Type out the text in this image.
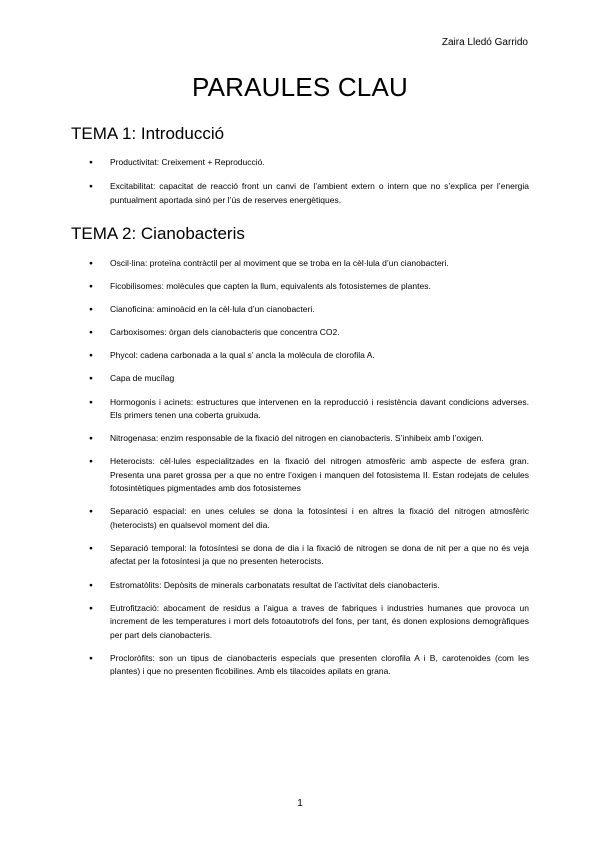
Zaira Lledó Garrido
PARAULES CLAU
TEMA 1: Introducció
● Productivitat: Creixement + Reproducció.
● Excitabilitat: capacitat de reacció front un canvi de l’ambient extern o intern que no s’explica per l’energia puntualment aportada sinó per l’ús de reserves energètiques.
TEMA 2: Cianobacteris
● Oscil·lina: proteïna contràctil per al moviment que se troba en la cèl·lula d’un cianobacteri.
● Ficobilisomes: molècules que capten la llum, equivalents als fotosistemes de plantes.
● Cianoficina: aminoàcid en la cèl·lula d’un cianobacteri.
● Carboxisomes: òrgan dels cianobacteris que concentra CO2.
● Phycol: cadena carbonada a la qual s’ ancla la molècula de clorofila A.
● Capa de mucílag
● Hormogonis i acinets: estructures que intervenen en la reproducció i resistència davant condicions adverses. Els primers tenen una coberta gruixuda.
● Nitrogenasa: enzim responsable de la fixació del nitrogen en cianobacteris. S’inhibeix amb l’oxigen.
● Heterocists: cèl·lules especialitzades en la fixació del nitrogen atmosfèric amb aspecte de esfera gran. Presenta una paret grossa per a que no entre l’oxigen i manquen del fotosistema II. Estan rodejats de celules fotosintètiques pigmentades amb dos fotosistemes
● Separació espacial: en unes celules se dona la fotosíntesi i en altres la fixació del nitrogen atmosfèric (heterocists) en qualsevol moment del dia.
● Separació temporal: la fotosíntesi se dona de dia i la fixació de nitrogen se dona de nit per a que no és veja afectat per la fotosíntesi ja que no presenten heterocists.
● Estromatòlits: Depòsits de minerals carbonatats resultat de l’activitat dels cianobacteris.
● Eutrofització: abocament de residus a l’aigua a traves de fabriques i industries humanes que provoca un increment de les temperatures i mort dels fotoautotrofs del fons, per tant, és donen explosions demogràfiques per part dels cianobacteris.
● Procloròfits: son un tipus de cianobacteris especials que presenten clorofila A i B, carotenoides (com les plantes) i que no presenten ficobilines. Amb els tilacoides apilats en grana.
1
